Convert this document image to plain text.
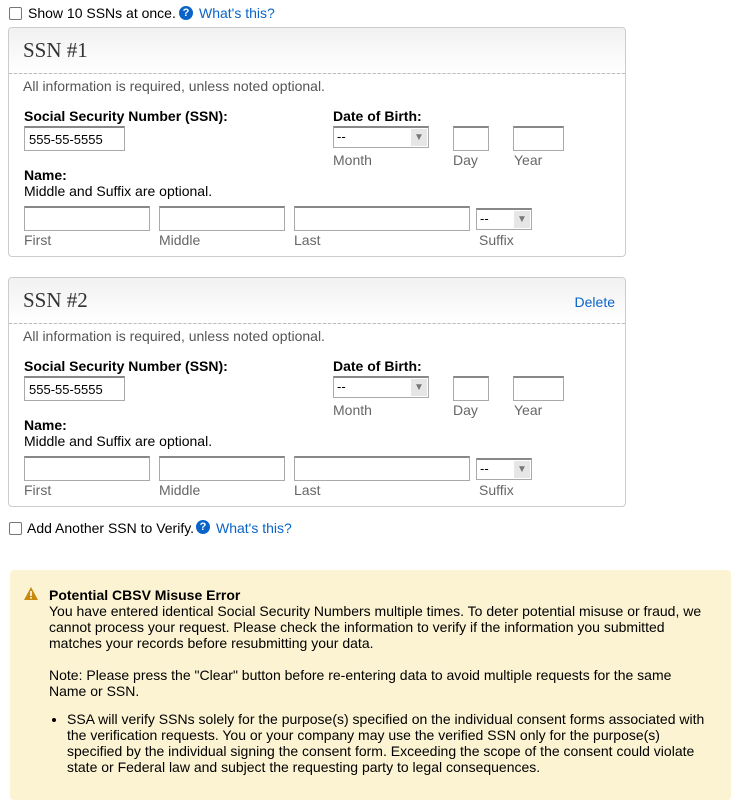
Show 10 SSNs at once. ? What's this?
SSN #1
All information is required, unless noted optional.
Social Security Number (SSN):
555-55-5555
Date of Birth:
--	▼
Month	Day	Year
Name:
Middle and Suffix are optional.
--	▼
First	Middle	Last	Suffix
SSN #2	Delete
All information is required, unless noted optional.
Social Security Number (SSN):
555-55-5555
Date of Birth:
--	▼
Month	Day	Year
Name:
Middle and Suffix are optional.
--	▼
First	Middle	Last	Suffix
Add Another SSN to Verify. ? What's this?

Potential CBSV Misuse Error

You have entered identical Social Security Numbers multiple times. To deter potential misuse or fraud, we cannot process your request. Please check the information to verify if the information you submitted matches your records before resubmitting your data.

Note: Please press the "Clear" button before re-entering data to avoid multiple requests for the same Name or SSN.

• SSA will verify SSNs solely for the purpose(s) specified on the individual consent forms associated with the verification requests. You or your company may use the verified SSN only for the purpose(s) specified by the individual signing the consent form. Exceeding the scope of the consent could violate state or Federal law and subject the requesting party to legal consequences.
